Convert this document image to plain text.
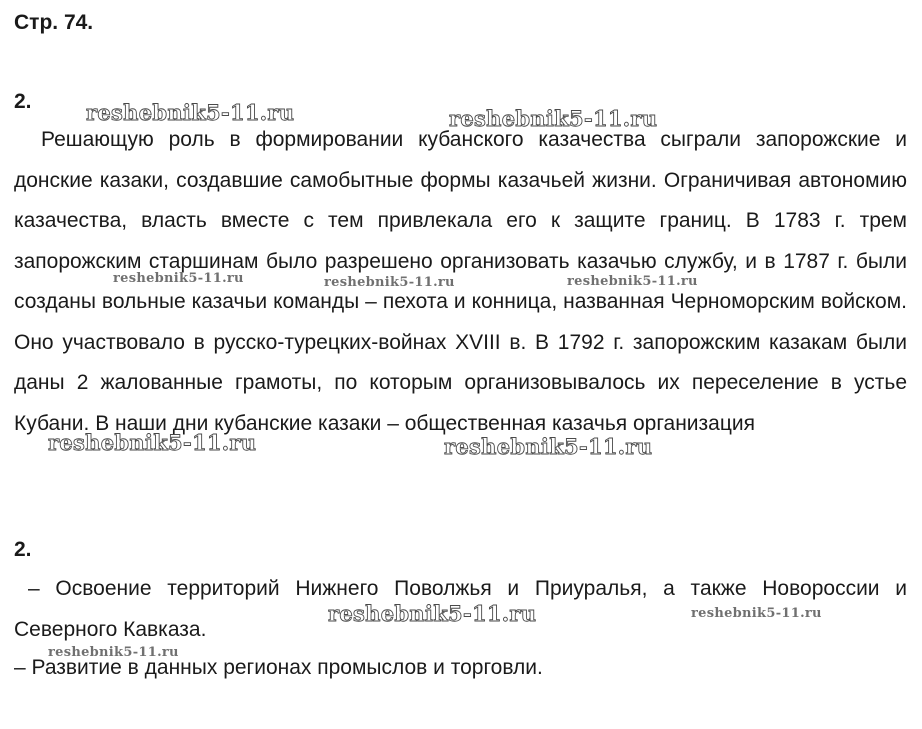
Стр. 74.
2.

Решающую роль в формировании кубанского казачества сыграли запорожские и донские казаки, создавшие самобытные формы казачьей жизни. Ограничивая автономию казачества, власть вместе с тем привлекала его к защите границ. В 1783 г. трем запорожским старшинам было разрешено организовать казачью службу, и в 1787 г. были созданы вольные казачьи команды – пехота и конница, названная Черноморским войском. Оно участвовало в русско-турецких-войнах XVIII в. В 1792 г. запорожским казакам были даны 2 жалованные грамоты, по которым организовывалось их переселение в устье Кубани. В наши дни кубанские казаки – общественная казачья организация

2.

– Освоение территорий Нижнего Поволжья и Приуралья, а также Новороссии и Северного Кавказа.

– Развитие в данных регионах промыслов и торговли.

reshebnik5-11.ru	reshebnik5-11.ru
reshebnik5-11.ru	reshebnik5-11.ru	reshebnik5-11.ru
reshebnik5-11.ru	reshebnik5-11.ru
reshebnik5-11.ru	reshebnik5-11.ru
reshebnik5-11.ru
